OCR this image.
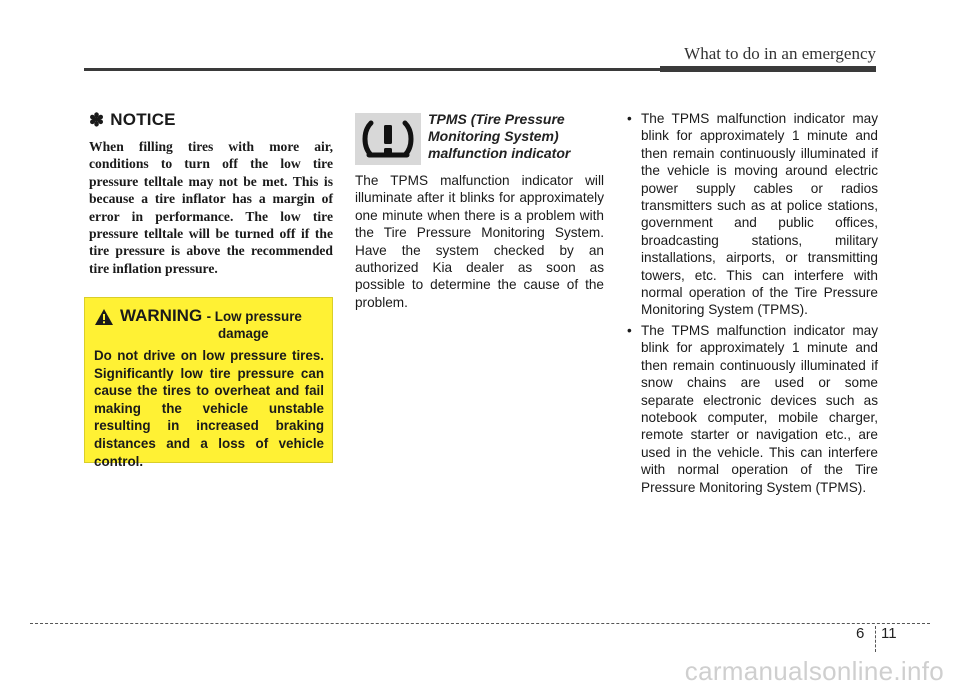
What to do in an emergency
✽ NOTICE

When filling tires with more air, conditions to turn off the low tire pressure telltale may not be met. This is because a tire inflator has a margin of error in performance. The low tire pressure telltale will be turned off if the tire pressure is above the recommended tire inflation pressure.

WARNING - Low pressure
damage

Do not drive on low pressure tires. Significantly low tire pressure can cause the tires to overheat and fail making the vehicle unstable resulting in increased braking distances and a loss of vehicle control.

TPMS (Tire Pressure
Monitoring System)
malfunction indicator

The TPMS malfunction indicator will illuminate after it blinks for approximately one minute when there is a problem with the Tire Pressure Monitoring System. Have the system checked by an authorized Kia dealer as soon as possible to determine the cause of the problem.

• The TPMS malfunction indicator may blink for approximately 1 minute and then remain continuously illuminated if the vehicle is moving around electric power supply cables or radios transmitters such as at police stations, government and public offices, broadcasting stations, military installations, airports, or transmitting towers, etc. This can interfere with normal operation of the Tire Pressure Monitoring System (TPMS).
• The TPMS malfunction indicator may blink for approximately 1 minute and then remain continuously illuminated if snow chains are used or some separate electronic devices such as notebook computer, mobile charger, remote starter or navigation etc., are used in the vehicle. This can interfere with normal operation of the Tire Pressure Monitoring System (TPMS).
6 11
carmanualsonline.info
